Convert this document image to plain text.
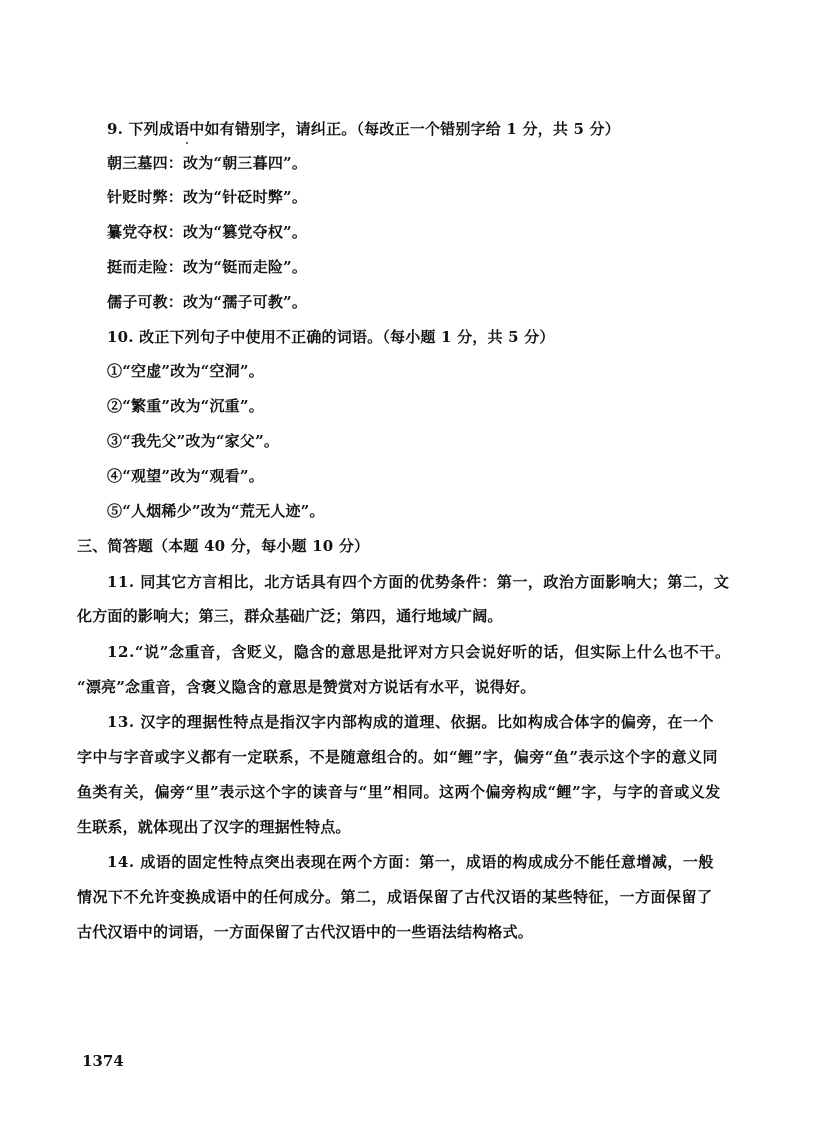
9. 下列成语中如有错别字，请纠正。（每改正一个错别字给 1 分，共 5 分）
朝三墓四：改为“朝三暮四”。
针贬时弊：改为“针砭时弊”。
纂党夺权：改为“篡党夺权”。
挺而走险：改为“铤而走险”。
儒子可教：改为“孺子可教”。
10. 改正下列句子中使用不正确的词语。（每小题 1 分，共 5 分）
①“空虚”改为“空洞”。
②“繁重”改为“沉重”。
③“我先父”改为“家父”。
④“观望”改为“观看”。
⑤“人烟稀少”改为“荒无人迹”。
三、简答题（本题 40 分，每小题 10 分）
11. 同其它方言相比，北方话具有四个方面的优势条件：第一，政治方面影响大；第二，文
化方面的影响大；第三，群众基础广泛；第四，通行地域广阔。
12.“说”念重音，含贬义，隐含的意思是批评对方只会说好听的话，但实际上什么也不干。
“漂亮”念重音，含褒义隐含的意思是赞赏对方说话有水平，说得好。
13. 汉字的理据性特点是指汉字内部构成的道理、依据。比如构成合体字的偏旁，在一个
字中与字音或字义都有一定联系，不是随意组合的。如“鲤”字，偏旁“鱼”表示这个字的意义同
鱼类有关，偏旁“里”表示这个字的读音与“里”相同。这两个偏旁构成“鲤”字，与字的音或义发
生联系，就体现出了汉字的理据性特点。
14. 成语的固定性特点突出表现在两个方面：第一，成语的构成成分不能任意增减，一般
情况下不允许变换成语中的任何成分。第二，成语保留了古代汉语的某些特征，一方面保留了
古代汉语中的词语，一方面保留了古代汉语中的一些语法结构格式。
1374
